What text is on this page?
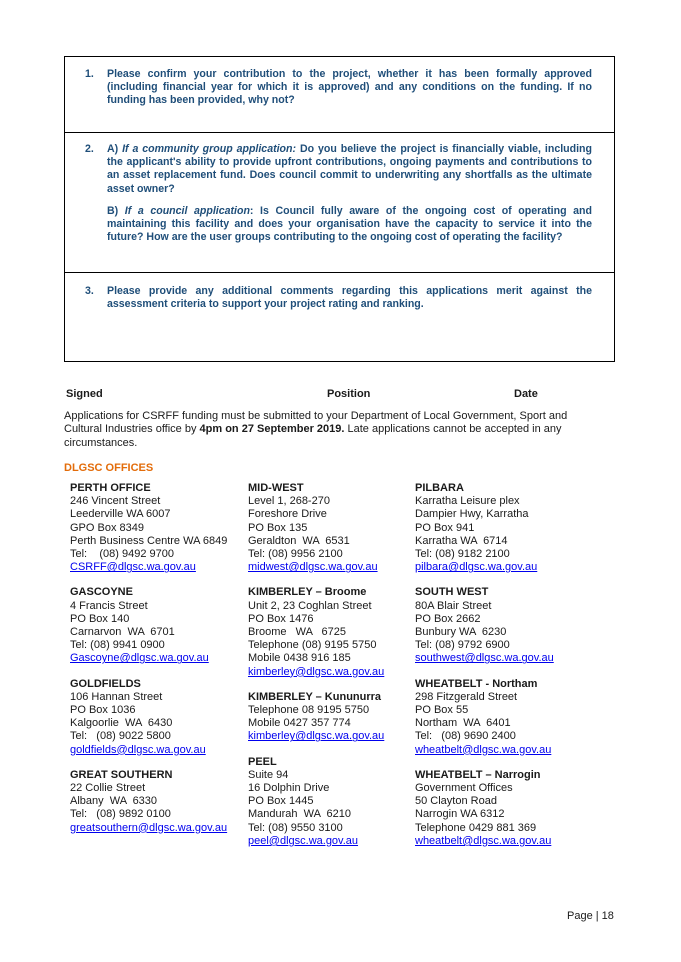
1. Please confirm your contribution to the project, whether it has been formally approved (including financial year for which it is approved) and any conditions on the funding. If no funding has been provided, why not?
2. A) If a community group application: Do you believe the project is financially viable, including the applicant's ability to provide upfront contributions, ongoing payments and contributions to an asset replacement fund. Does council commit to underwriting any shortfalls as the ultimate asset owner?
B) If a council application: Is Council fully aware of the ongoing cost of operating and maintaining this facility and does your organisation have the capacity to service it into the future? How are the user groups contributing to the ongoing cost of operating the facility?
3. Please provide any additional comments regarding this applications merit against the assessment criteria to support your project rating and ranking.
Signed	Position	Date
Applications for CSRFF funding must be submitted to your Department of Local Government, Sport and Cultural Industries office by 4pm on 27 September 2019. Late applications cannot be accepted in any circumstances.
DLGSC OFFICES
PERTH OFFICE
246 Vincent Street
Leederville WA 6007
GPO Box 8349
Perth Business Centre WA 6849
Tel:    (08) 9492 9700
CSRFF@dlgsc.wa.gov.au
GASCOYNE
4 Francis Street
PO Box 140
Carnarvon  WA  6701
Tel: (08) 9941 0900
Gascoyne@dlgsc.wa.gov.au
GOLDFIELDS
106 Hannan Street
PO Box 1036
Kalgoorlie  WA  6430
Tel:   (08) 9022 5800
goldfields@dlgsc.wa.gov.au
GREAT SOUTHERN
22 Collie Street
Albany  WA  6330
Tel:   (08) 9892 0100
greatsouthern@dlgsc.wa.gov.au
MID-WEST
Level 1, 268-270
Foreshore Drive
PO Box 135
Geraldton  WA  6531
Tel: (08) 9956 2100
midwest@dlgsc.wa.gov.au
KIMBERLEY – Broome
Unit 2, 23 Coghlan Street
PO Box 1476
Broome   WA   6725
Telephone (08) 9195 5750
Mobile 0438 916 185
kimberley@dlgsc.wa.gov.au
KIMBERLEY – Kununurra
Telephone 08 9195 5750
Mobile 0427 357 774
kimberley@dlgsc.wa.gov.au
PEEL
Suite 94
16 Dolphin Drive
PO Box 1445
Mandurah  WA  6210
Tel: (08) 9550 3100
peel@dlgsc.wa.gov.au
PILBARA
Karratha Leisure plex
Dampier Hwy, Karratha
PO Box 941
Karratha WA  6714
Tel: (08) 9182 2100
pilbara@dlgsc.wa.gov.au
SOUTH WEST
80A Blair Street
PO Box 2662
Bunbury WA  6230
Tel: (08) 9792 6900
southwest@dlgsc.wa.gov.au
WHEATBELT - Northam
298 Fitzgerald Street
PO Box 55
Northam  WA  6401
Tel:   (08) 9690 2400
wheatbelt@dlgsc.wa.gov.au
WHEATBELT – Narrogin
Government Offices
50 Clayton Road
Narrogin WA 6312
Telephone 0429 881 369
wheatbelt@dlgsc.wa.gov.au
Page | 18
